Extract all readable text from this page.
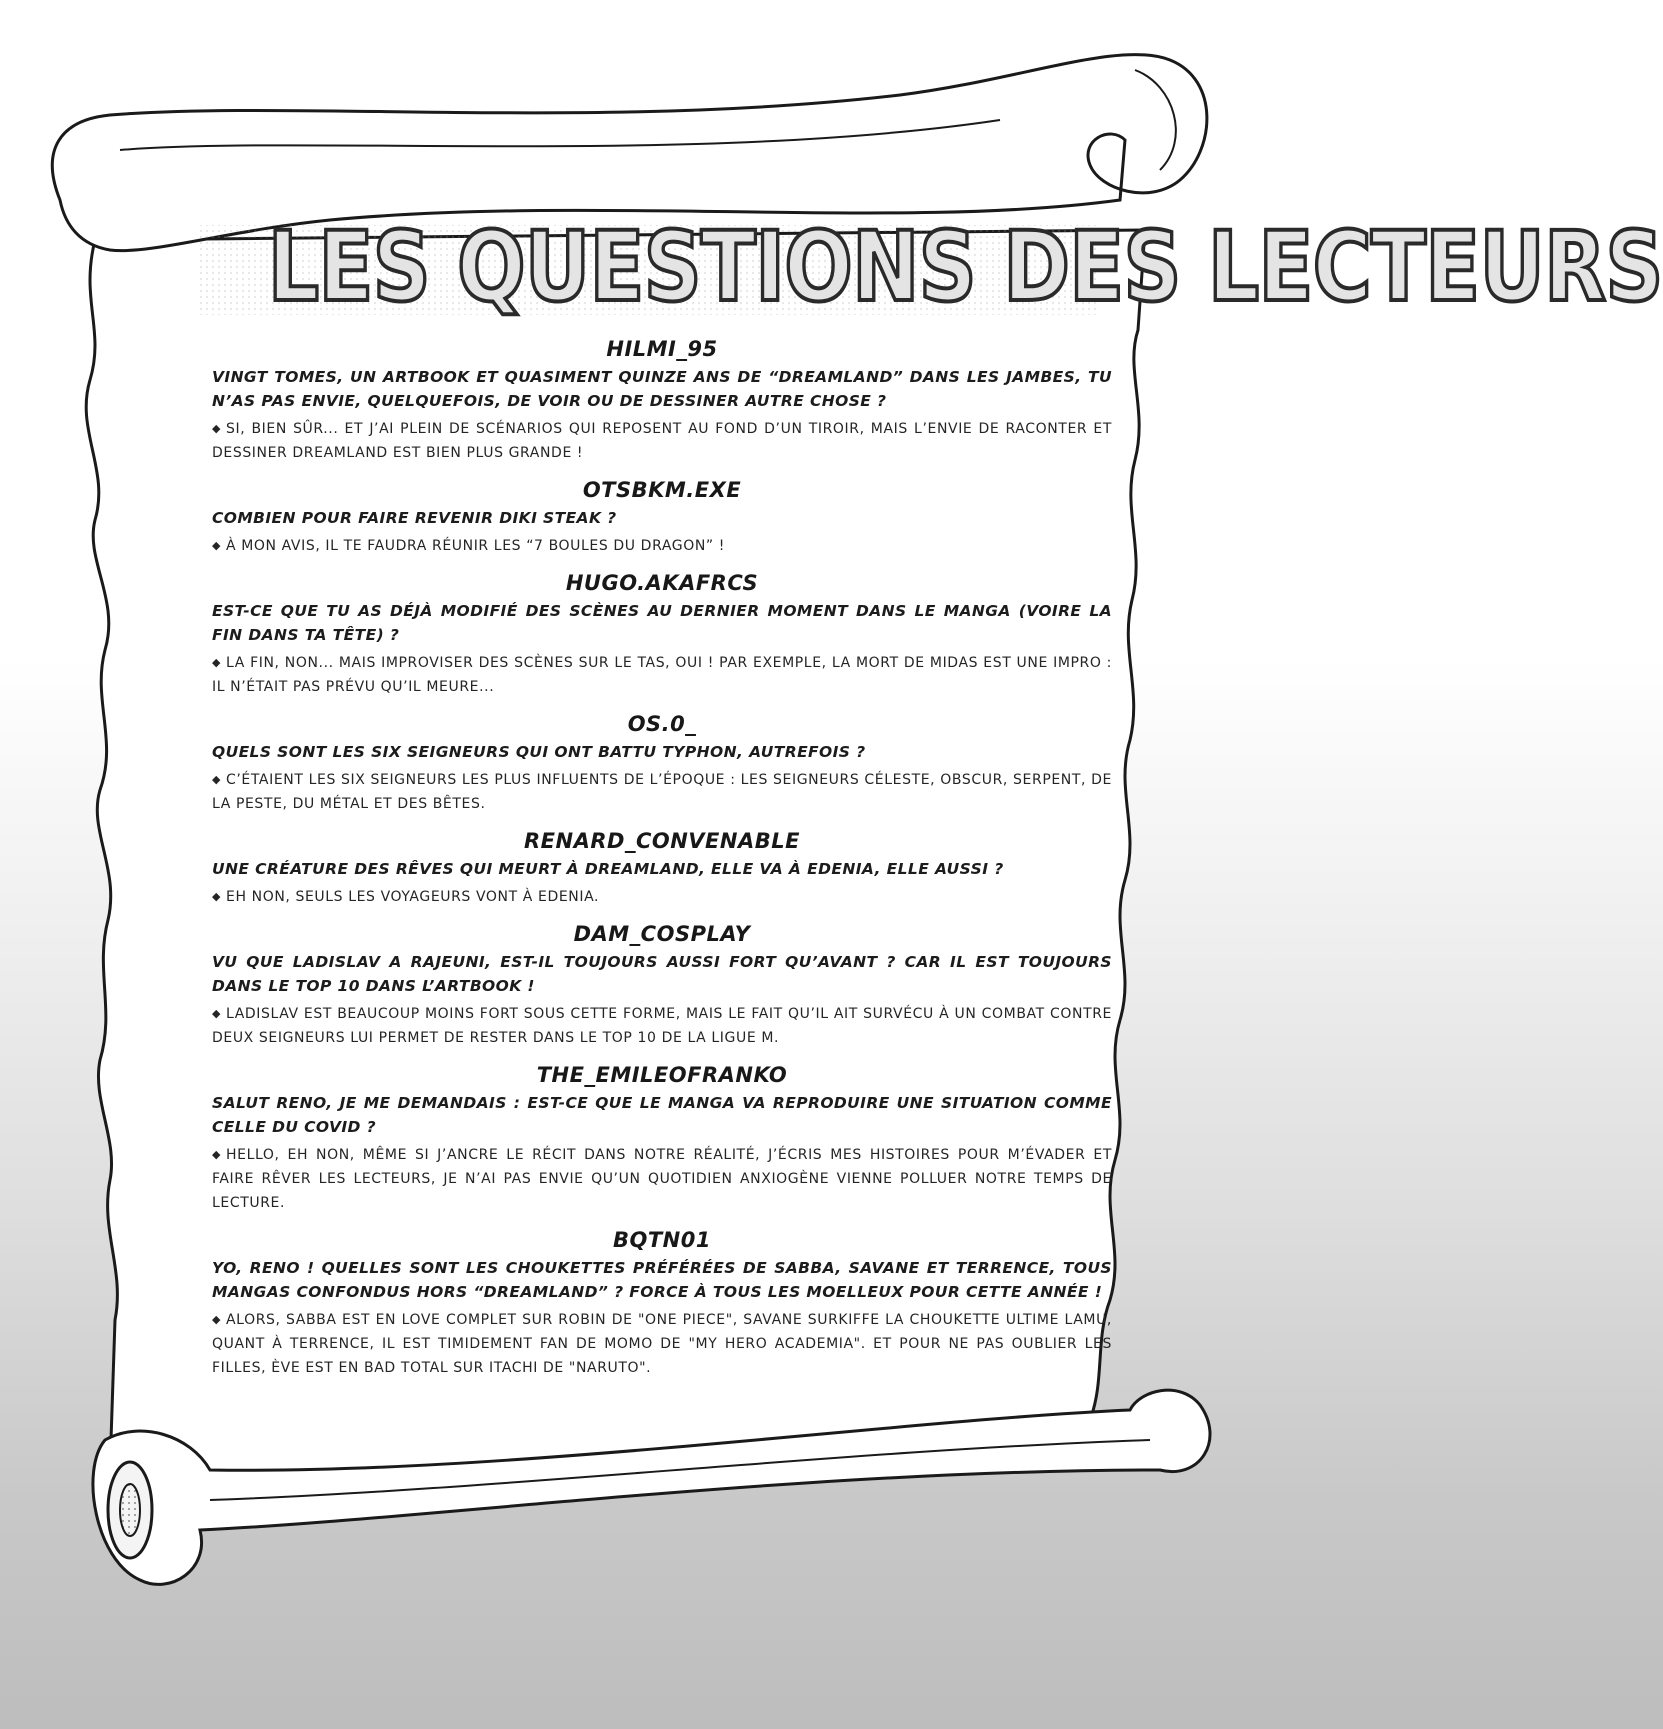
LES QUESTIONS DES LECTEURS
HILMI_95
VINGT TOMES, UN ARTBOOK ET QUASIMENT QUINZE ANS DE “DREAMLAND” DANS LES JAMBES, TU N’AS PAS ENVIE, QUELQUEFOIS, DE VOIR OU DE DESSINER AUTRE CHOSE ?
◆ SI, BIEN SÛR... ET J’AI PLEIN DE SCÉNARIOS QUI REPOSENT AU FOND D’UN TIROIR, MAIS L’ENVIE DE RACONTER ET DESSINER DREAMLAND EST BIEN PLUS GRANDE !
OTSBKM.EXE
COMBIEN POUR FAIRE REVENIR DIKI STEAK ?
◆ À MON AVIS, IL TE FAUDRA RÉUNIR LES “7 BOULES DU DRAGON” !
HUGO.AKAFRCS
EST-CE QUE TU AS DÉJÀ MODIFIÉ DES SCÈNES AU DERNIER MOMENT DANS LE MANGA (VOIRE LA FIN DANS TA TÊTE) ?
◆ LA FIN, NON... MAIS IMPROVISER DES SCÈNES SUR LE TAS, OUI ! PAR EXEMPLE, LA MORT DE MIDAS EST UNE IMPRO : IL N’ÉTAIT PAS PRÉVU QU’IL MEURE...
OS.0_
QUELS SONT LES SIX SEIGNEURS QUI ONT BATTU TYPHON, AUTREFOIS ?
◆ C’ÉTAIENT LES SIX SEIGNEURS LES PLUS INFLUENTS DE L’ÉPOQUE : LES SEIGNEURS CÉLESTE, OBSCUR, SERPENT, DE LA PESTE, DU MÉTAL ET DES BÊTES.
RENARD_CONVENABLE
UNE CRÉATURE DES RÊVES QUI MEURT À DREAMLAND, ELLE VA À EDENIA, ELLE AUSSI ?
◆ EH NON, SEULS LES VOYAGEURS VONT À EDENIA.
DAM_COSPLAY
VU QUE LADISLAV A RAJEUNI, EST-IL TOUJOURS AUSSI FORT QU’AVANT ? CAR IL EST TOUJOURS DANS LE TOP 10 DANS L’ARTBOOK !
◆ LADISLAV EST BEAUCOUP MOINS FORT SOUS CETTE FORME, MAIS LE FAIT QU’IL AIT SURVÉCU À UN COMBAT CONTRE DEUX SEIGNEURS LUI PERMET DE RESTER DANS LE TOP 10 DE LA LIGUE M.
THE_EMILEOFRANKO
SALUT RENO, JE ME DEMANDAIS : EST-CE QUE LE MANGA VA REPRODUIRE UNE SITUATION COMME CELLE DU COVID ?
◆ HELLO, EH NON, MÊME SI J’ANCRE LE RÉCIT DANS NOTRE RÉALITÉ, J’ÉCRIS MES HISTOIRES POUR M’ÉVADER ET FAIRE RÊVER LES LECTEURS, JE N’AI PAS ENVIE QU’UN QUOTIDIEN ANXIOGÈNE VIENNE POLLUER NOTRE TEMPS DE LECTURE.
BQTN01
YO, RENO ! QUELLES SONT LES CHOUKETTES PRÉFÉRÉES DE SABBA, SAVANE ET TERRENCE, TOUS MANGAS CONFONDUS HORS “DREAMLAND” ? FORCE À TOUS LES MOELLEUX POUR CETTE ANNÉE !
◆ ALORS, SABBA EST EN LOVE COMPLET SUR ROBIN DE "ONE PIECE", SAVANE SURKIFFE LA CHOUKETTE ULTIME LAMU, QUANT À TERRENCE, IL EST TIMIDEMENT FAN DE MOMO DE "MY HERO ACADEMIA". ET POUR NE PAS OUBLIER LES FILLES, ÈVE EST EN BAD TOTAL SUR ITACHI DE "NARUTO".
